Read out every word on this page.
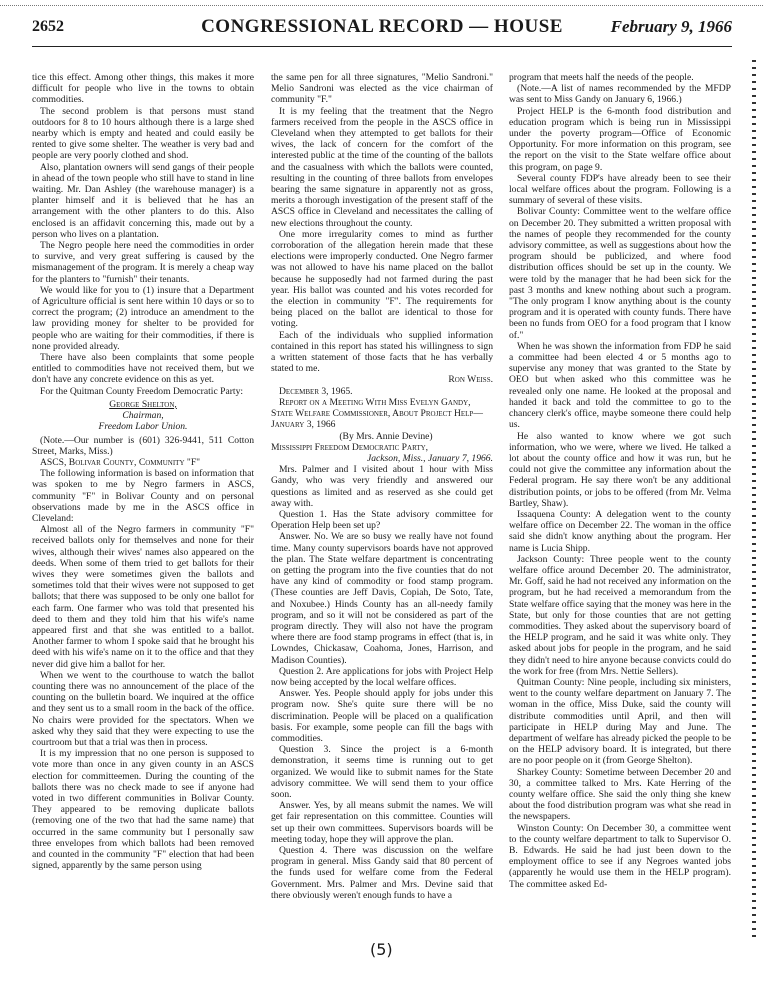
CONGRESSIONAL RECORD — HOUSE
2652	February 9, 1966

tice this effect. Among other things, this makes it more difficult for people who live in the towns to obtain commodities.

The second problem is that persons must stand outdoors for 8 to 10 hours although there is a large shed nearby which is empty and heated and could easily be rented to give some shelter. The weather is very bad and people are very poorly clothed and shod.

Also, plantation owners will send gangs of their people in ahead of the town people who still have to stand in line waiting. Mr. Dan Ashley (the warehouse manager) is a planter himself and it is believed that he has an arrangement with the other planters to do this. Also enclosed is an affidavit concerning this, made out by a person who lives on a plantation.

The Negro people here need the commodities in order to survive, and very great suffering is caused by the mismanagement of the program. It is merely a cheap way for the planters to "furnish" their tenants.

We would like for you to (1) insure that a Department of Agriculture official is sent here within 10 days or so to correct the program; (2) introduce an amendment to the law providing money for shelter to be provided for people who are waiting for their commodities, if there is none provided already.

There have also been complaints that some people entitled to commodities have not received them, but we don't have any concrete evidence on this as yet.

For the Quitman County Freedom Democratic Party:

George Shelton,
Chairman,
Freedom Labor Union.

(Note.—Our number is (601) 326-9441, 511 Cotton Street, Marks, Miss.)

ASCS, Bolivar County, Community "F"

The following information is based on information that was spoken to me by Negro farmers in ASCS, community "F" in Bolivar County and on personal observations made by me in the ASCS office in Cleveland:

Almost all of the Negro farmers in community "F" received ballots only for themselves and none for their wives, although their wives' names also appeared on the deeds. When some of them tried to get ballots for their wives they were sometimes given the ballots and sometimes told that their wives were not supposed to get ballots; that there was supposed to be only one ballot for each farm. One farmer who was told that presented his deed to them and they told him that his wife's name appeared first and that she was entitled to a ballot. Another farmer to whom I spoke said that he brought his deed with his wife's name on it to the office and that they never did give him a ballot for her.

When we went to the courthouse to watch the ballot counting there was no announcement of the place of the counting on the bulletin board. We inquired at the office and they sent us to a small room in the back of the office. No chairs were provided for the spectators. When we asked why they said that they were expecting to use the courtroom but that a trial was then in process.

It is my impression that no one person is supposed to vote more than once in any given county in an ASCS election for committeemen. During the counting of the ballots there was no check made to see if anyone had voted in two different communities in Bolivar County. They appeared to be removing duplicate ballots (removing one of the two that had the same name) that occurred in the same community but I personally saw three envelopes from which ballots had been removed and counted in the community "F" election that had been signed, apparently by the same person using

the same pen for all three signatures, "Melio Sandroni." Melio Sandroni was elected as the vice chairman of community "F."

It is my feeling that the treatment that the Negro farmers received from the people in the ASCS office in Cleveland when they attempted to get ballots for their wives, the lack of concern for the comfort of the interested public at the time of the counting of the ballots and the casualness with which the ballots were counted, resulting in the counting of three ballots from envelopes bearing the same signature in apparently not as gross, merits a thorough investigation of the present staff of the ASCS office in Cleveland and necessitates the calling of new elections throughout the county.

One more irregularity comes to mind as further corroboration of the allegation herein made that these elections were improperly conducted. One Negro farmer was not allowed to have his name placed on the ballot because he supposedly had not farmed during the past year. His ballot was counted and his votes recorded for the election in community "F". The requirements for being placed on the ballot are identical to those for voting.

Each of the individuals who supplied information contained in this report has stated his willingness to sign a written statement of those facts that he has verbally stated to me.

Ron Weiss.

December 3, 1965.

Report on a Meeting With Miss Evelyn Gandy, State Welfare Commissioner, About Project Help—January 3, 1966

(By Mrs. Annie Devine)

Mississippi Freedom Democratic Party,

Jackson, Miss., January 7, 1966.

Mrs. Palmer and I visited about 1 hour with Miss Gandy, who was very friendly and answered our questions as limited and as reserved as she could get away with.

Question 1. Has the State advisory committee for Operation Help been set up?

Answer. No. We are so busy we really have not found time. Many county supervisors boards have not approved the plan. The State welfare department is concentrating on getting the program into the five counties that do not have any kind of commodity or food stamp program. (These counties are Jeff Davis, Copiah, De Soto, Tate, and Noxubee.) Hinds County has an all-needy family program, and so it will not be considered as part of the program directly. They will also not have the program where there are food stamp programs in effect (that is, in Lowndes, Chickasaw, Coahoma, Jones, Harrison, and Madison Counties).

Question 2. Are applications for jobs with Project Help now being accepted by the local welfare offices.

Answer. Yes. People should apply for jobs under this program now. She's quite sure there will be no discrimination. People will be placed on a qualification basis. For example, some people can fill the bags with commodities.

Question 3. Since the project is a 6-month demonstration, it seems time is running out to get organized. We would like to submit names for the State advisory committee. We will send them to your office soon.

Answer. Yes, by all means submit the names. We will get fair representation on this committee. Counties will set up their own committees. Supervisors boards will be meeting today, hope they will approve the plan.

Question 4. There was discussion on the welfare program in general. Miss Gandy said that 80 percent of the funds used for welfare come from the Federal Government. Mrs. Palmer and Mrs. Devine said that there obviously weren't enough funds to have a

program that meets half the needs of the people.

(Note.—A list of names recommended by the MFDP was sent to Miss Gandy on January 6, 1966.)

Project HELP is the 6-month food distribution and education program which is being run in Mississippi under the poverty program—Office of Economic Opportunity. For more information on this program, see the report on the visit to the State welfare office about this program, on page 9.

Several county FDP's have already been to see their local welfare offices about the program. Following is a summary of several of these visits.

Bolivar County: Committee went to the welfare office on December 20. They submitted a written proposal with the names of people they recommended for the county advisory committee, as well as suggestions about how the program should be publicized, and where food distribution offices should be set up in the county. We were told by the manager that he had been sick for the past 3 months and knew nothing about such a program. "The only program I know anything about is the county program and it is operated with county funds. There have been no funds from OEO for a food program that I know of."

When he was shown the information from FDP he said a committee had been elected 4 or 5 months ago to supervise any money that was granted to the State by OEO but when asked who this committee was he revealed only one name. He looked at the proposal and handed it back and told the committee to go to the chancery clerk's office, maybe someone there could help us.

He also wanted to know where we got such information, who we were, where we lived. He talked a lot about the county office and how it was run, but he could not give the committee any information about the Federal program. He say there won't be any additional distribution points, or jobs to be offered (from Mr. Velma Bartley, Shaw).

Issaquena County: A delegation went to the county welfare office on December 22. The woman in the office said she didn't know anything about the program. Her name is Lucia Shipp.

Jackson County: Three people went to the county welfare office around December 20. The administrator, Mr. Goff, said he had not received any information on the program, but he had received a memorandum from the State welfare office saying that the money was here in the State, but only for those counties that are not getting commodities. They asked about the supervisory board of the HELP program, and he said it was white only. They asked about jobs for people in the program, and he said they didn't need to hire anyone because convicts could do the work for free (from Mrs. Nettie Sellers).

Quitman County: Nine people, including six ministers, went to the county welfare department on January 7. The woman in the office, Miss Duke, said the county will distribute commodities until April, and then will participate in HELP during May and June. The department of welfare has already picked the people to be on the HELP advisory board. It is integrated, but there are no poor people on it (from George Shelton).

Sharkey County: Sometime between December 20 and 30, a committee talked to Mrs. Kate Herring of the county welfare office. She said the only thing she knew about the food distribution program was what she read in the newspapers.

Winston County: On December 30, a committee went to the county welfare department to talk to Supervisor O. B. Edwards. He said he had just been down to the employment office to see if any Negroes wanted jobs (apparently he would use them in the HELP program). The committee asked Ed-

(5)
